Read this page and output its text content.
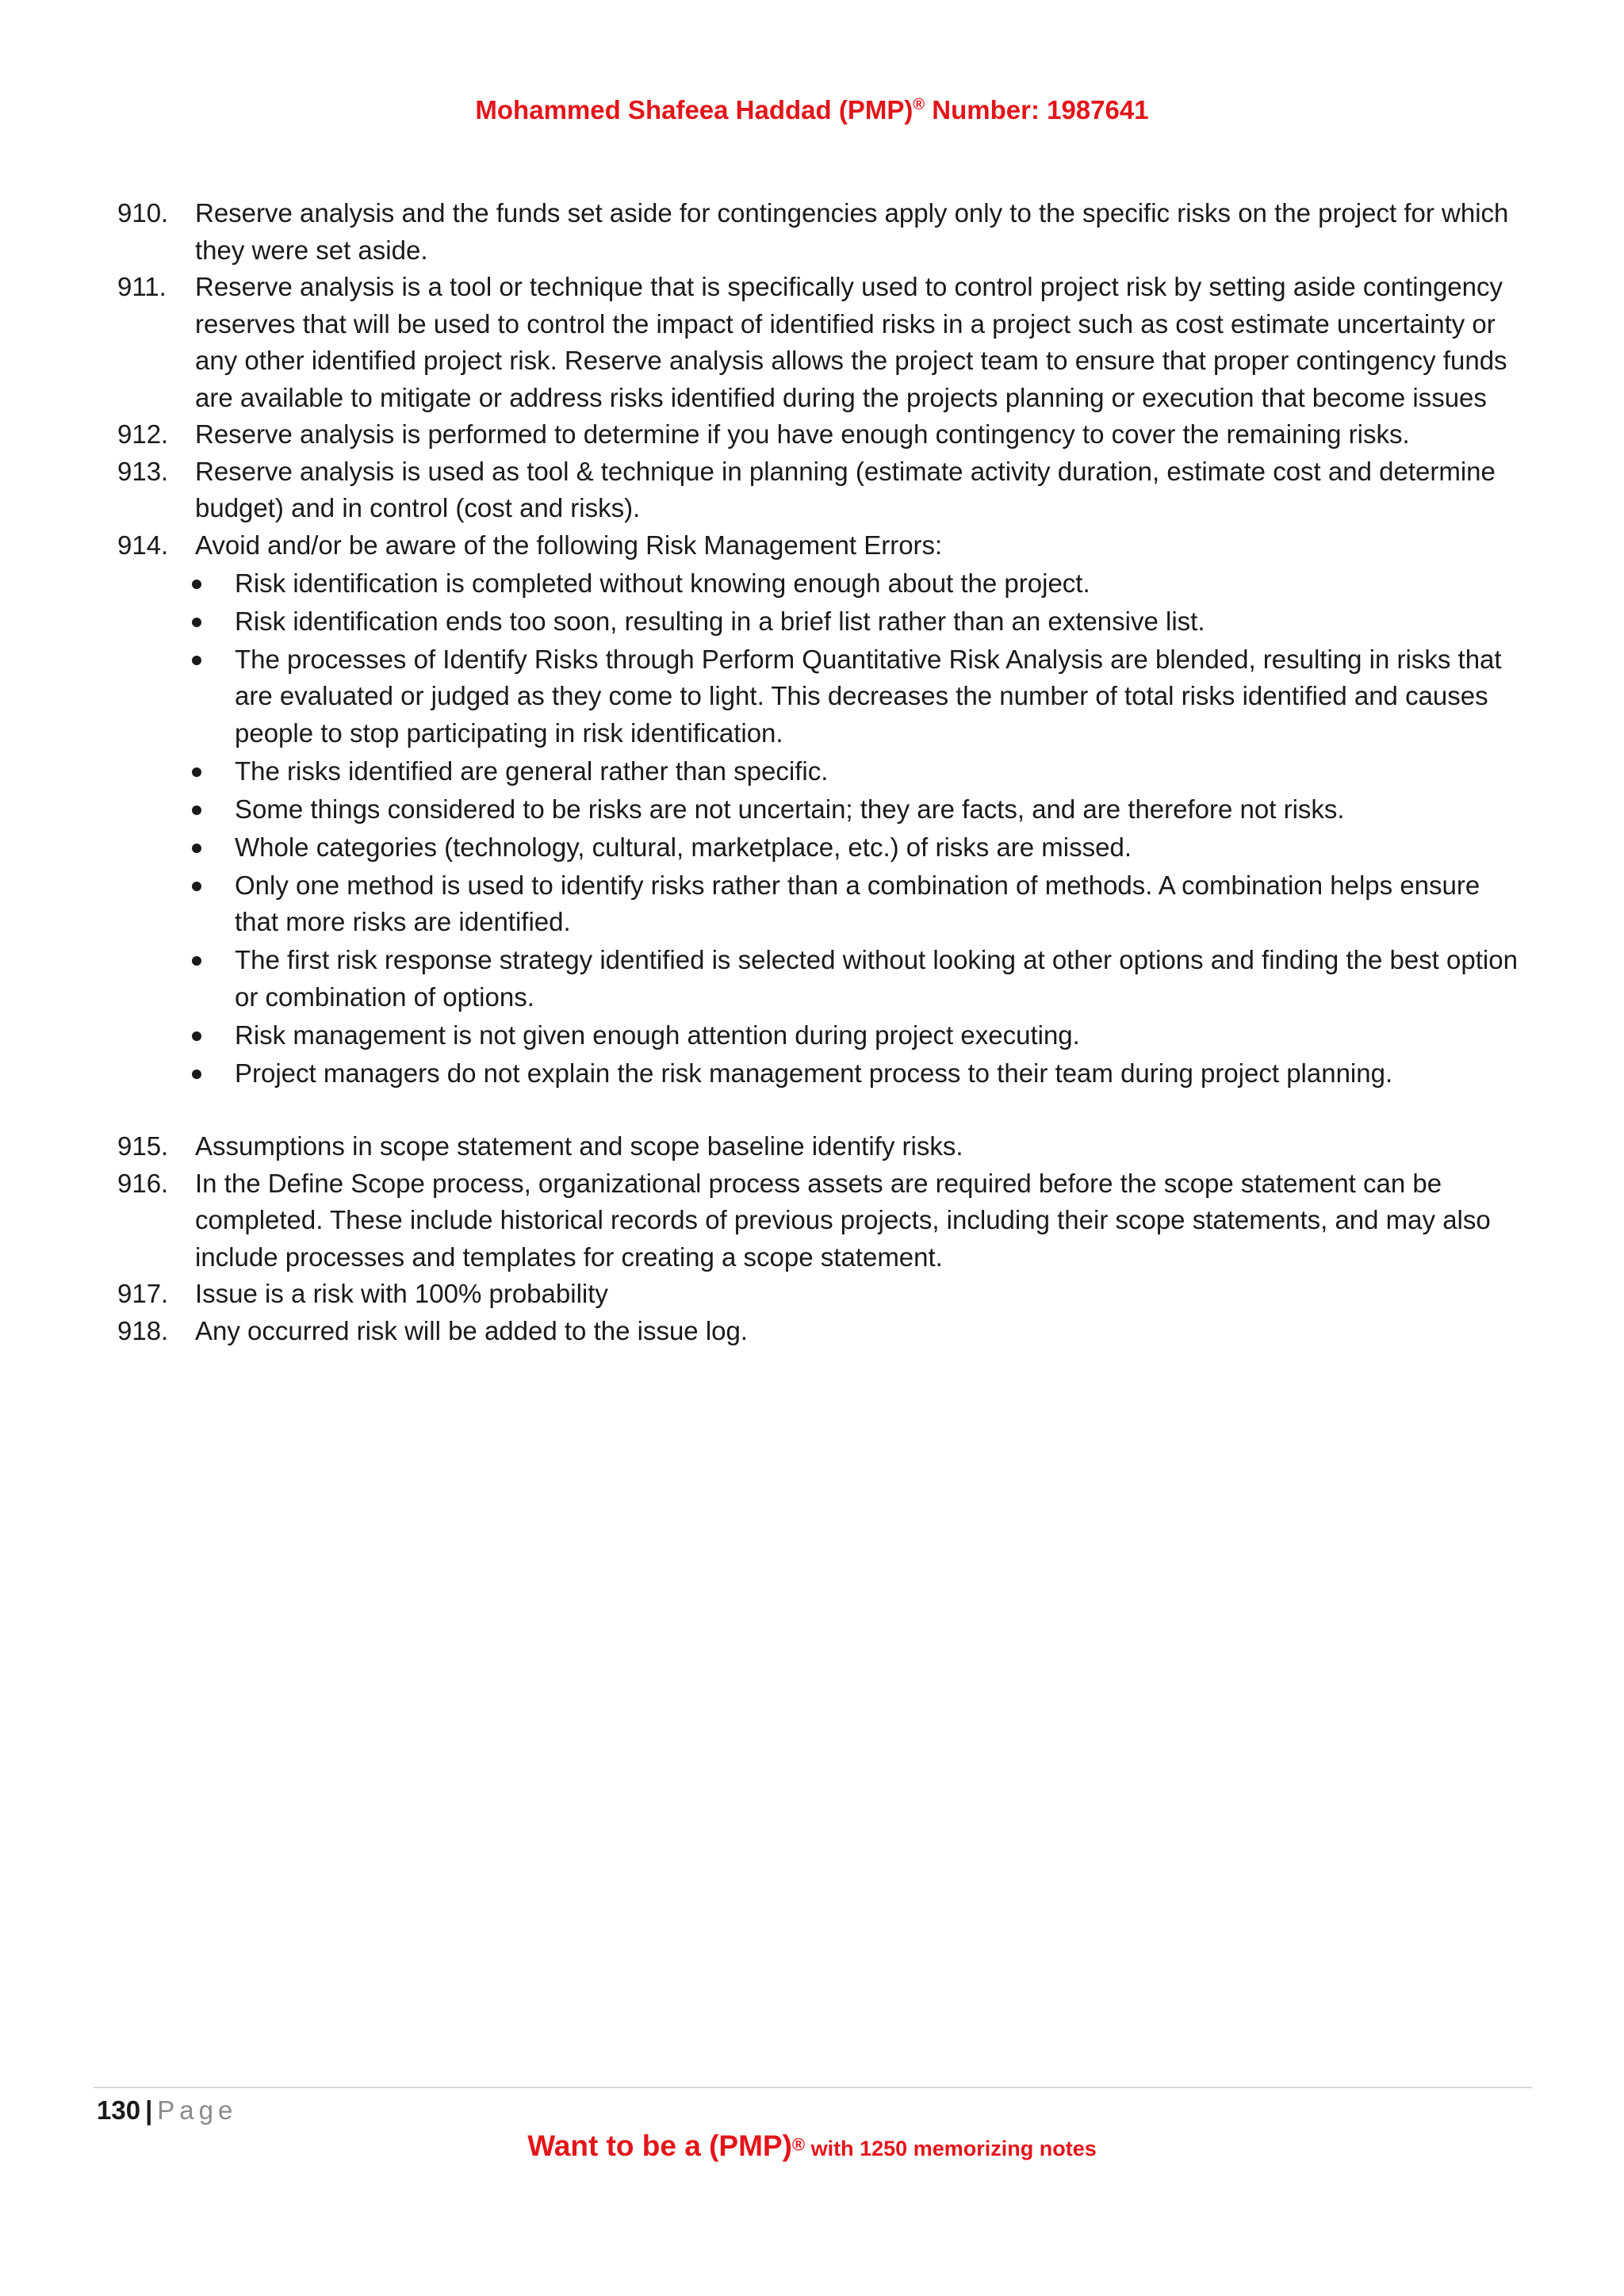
Mohammed Shafeea Haddad (PMP)® Number: 1987641
910. Reserve analysis and the funds set aside for contingencies apply only to the specific risks on the project for which they were set aside.
911. Reserve analysis is a tool or technique that is specifically used to control project risk by setting aside contingency reserves that will be used to control the impact of identified risks in a project such as cost estimate uncertainty or any other identified project risk. Reserve analysis allows the project team to ensure that proper contingency funds are available to mitigate or address risks identified during the projects planning or execution that become issues
912. Reserve analysis is performed to determine if you have enough contingency to cover the remaining risks.
913. Reserve analysis is used as tool & technique in planning (estimate activity duration, estimate cost and determine budget) and in control (cost and risks).
914. Avoid and/or be aware of the following Risk Management Errors:
Risk identification is completed without knowing enough about the project.
Risk identification ends too soon, resulting in a brief list rather than an extensive list.
The processes of Identify Risks through Perform Quantitative Risk Analysis are blended, resulting in risks that are evaluated or judged as they come to light. This decreases the number of total risks identified and causes people to stop participating in risk identification.
The risks identified are general rather than specific.
Some things considered to be risks are not uncertain; they are facts, and are therefore not risks.
Whole categories (technology, cultural, marketplace, etc.) of risks are missed.
Only one method is used to identify risks rather than a combination of methods. A combination helps ensure that more risks are identified.
The first risk response strategy identified is selected without looking at other options and finding the best option or combination of options.
Risk management is not given enough attention during project executing.
Project managers do not explain the risk management process to their team during project planning.
915. Assumptions in scope statement and scope baseline identify risks.
916. In the Define Scope process, organizational process assets are required before the scope statement can be completed. These include historical records of previous projects, including their scope statements, and may also include processes and templates for creating a scope statement.
917. Issue is a risk with 100% probability
918. Any occurred risk will be added to the issue log.
130 | Page
Want to be a (PMP)® with 1250 memorizing notes
